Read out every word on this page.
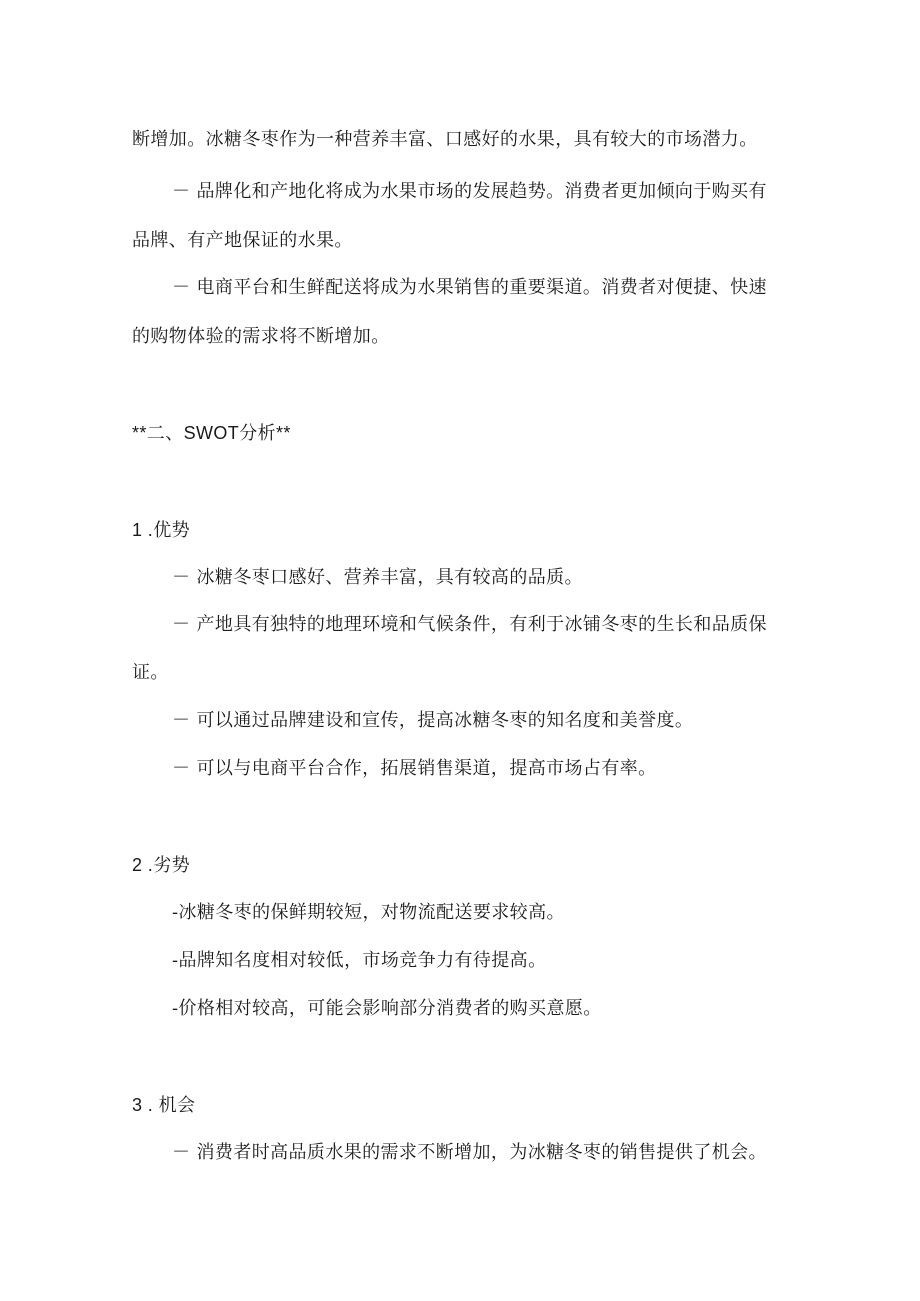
断增加。冰糖冬枣作为一种营养丰富、口感好的水果，具有较大的市场潜力。
－ 品牌化和产地化将成为水果市场的发展趋势。消费者更加倾向于购买有
品牌、有产地保证的水果。
－ 电商平台和生鲜配送将成为水果销售的重要渠道。消费者对便捷、快速
的购物体验的需求将不断增加。
**二、SWOT分析**
1 .优势
－ 冰糖冬枣口感好、营养丰富，具有较高的品质。
－ 产地具有独特的地理环境和气候条件，有利于冰铺冬枣的生长和品质保
证。
－ 可以通过品牌建设和宣传，提高冰糖冬枣的知名度和美誉度。
－ 可以与电商平台合作，拓展销售渠道，提高市场占有率。
2 .劣势
-冰糖冬枣的保鲜期较短，对物流配送要求较高。
-品牌知名度相对较低，市场竞争力有待提高。
-价格相对较高，可能会影响部分消费者的购买意愿。
3 . 机会
－ 消费者时高品质水果的需求不断增加，为冰糖冬枣的销售提供了机会。
